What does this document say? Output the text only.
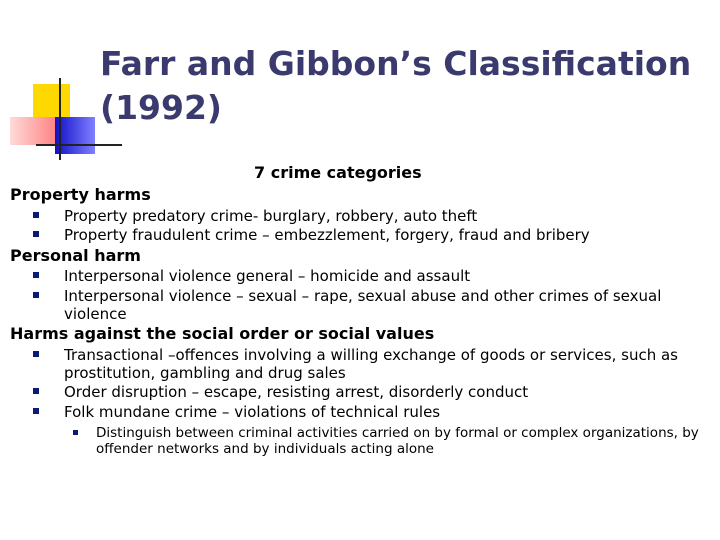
Farr and Gibbon’s Classification
(1992)
7 crime categories

Property harms

Property predatory crime- burglary, robbery, auto theft
Property fraudulent crime – embezzlement, forgery, fraud and bribery

Personal harm

Interpersonal violence general – homicide and assault
Interpersonal violence – sexual – rape, sexual abuse and other crimes of sexual violence

Harms against the social order or social values

Transactional –offences involving a willing exchange of goods or services, such as prostitution, gambling and drug sales
Order disruption – escape, resisting arrest, disorderly conduct
Folk mundane crime – violations of technical rules
Distinguish between criminal activities carried on by formal or complex organizations, by offender networks and by individuals acting alone
